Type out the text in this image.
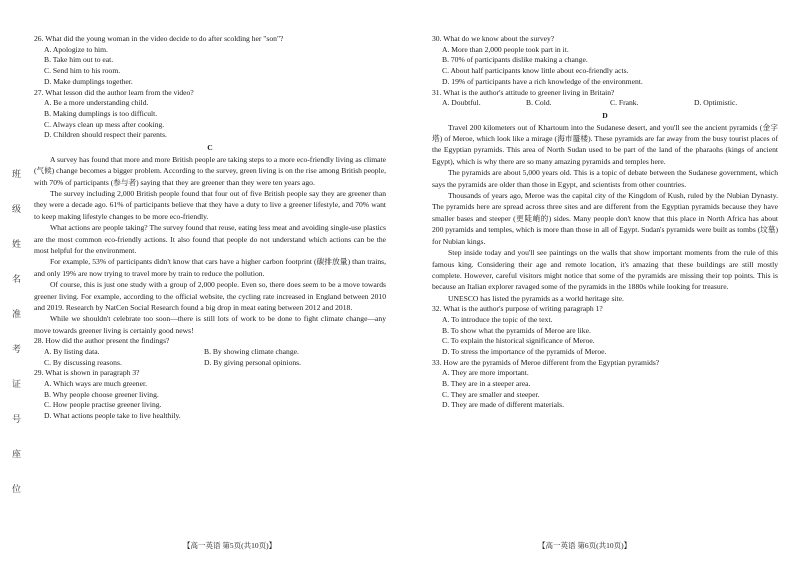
班
级
姓
名
准
考
证
号
座
位

26. What did the young woman in the video decide to do after scolding her "son"?

A. Apologize to him.

B. Take him out to eat.

C. Send him to his room.

D. Make dumplings together.

27. What lesson did the author learn from the video?

A. Be a more understanding child.

B. Making dumplings is too difficult.

C. Always clean up mess after cooking.

D. Children should respect their parents.

C

A survey has found that more and more British people are taking steps to a more eco-friendly living as climate (气候) change becomes a bigger problem. According to the survey, green living is on the rise among British people, with 70% of participants (参与者) saying that they are greener than they were ten years ago.

The survey including 2,000 British people found that four out of five British people say they are greener than they were a decade ago. 61% of participants believe that they have a duty to live a greener lifestyle, and 70% want to keep making lifestyle changes to be more eco-friendly.

What actions are people taking? The survey found that reuse, eating less meat and avoiding single-use plastics are the most common eco-friendly actions. It also found that people do not understand which actions can be the most helpful for the environment.

For example, 53% of participants didn't know that cars have a higher carbon footprint (碳排放量) than trains, and only 19% are now trying to travel more by train to reduce the pollution.

Of course, this is just one study with a group of 2,000 people. Even so, there does seem to be a move towards greener living. For example, according to the official website, the cycling rate increased in England between 2010 and 2019. Research by NatCen Social Research found a big drop in meat eating between 2012 and 2018.

While we shouldn't celebrate too soon—there is still lots of work to be done to fight climate change—any move towards greener living is certainly good news!

28. How did the author present the findings?

A. By listing data.	B. By showing climate change.
C. By discussing reasons.	D. By giving personal opinions.

29. What is shown in paragraph 3?

A. Which ways are much greener.

B. Why people choose greener living.

C. How people practise greener living.

D. What actions people take to live healthily.

30. What do we know about the survey?

A. More than 2,000 people took part in it.

B. 70% of participants dislike making a change.

C. About half participants know little about eco-friendly acts.

D. 19% of participants have a rich knowledge of the environment.

31. What is the author's attitude to greener living in Britain?

A. Doubtful.	B. Cold.	C. Frank.	D. Optimistic.

D

Travel 200 kilometers out of Khartoum into the Sudanese desert, and you'll see the ancient pyramids (金字塔) of Meroe, which look like a mirage (海市蜃楼). These pyramids are far away from the busy tourist places of the Egyptian pyramids. This area of North Sudan used to be part of the land of the pharaohs (kings of ancient Egypt), which is why there are so many amazing pyramids and temples here.

The pyramids are about 5,000 years old. This is a topic of debate between the Sudanese government, which says the pyramids are older than those in Egypt, and scientists from other countries.

Thousands of years ago, Meroe was the capital city of the Kingdom of Kush, ruled by the Nubian Dynasty. The pyramids here are spread across three sites and are different from the Egyptian pyramids because they have smaller bases and steeper (更陡峭的) sides. Many people don't know that this place in North Africa has about 200 pyramids and temples, which is more than those in all of Egypt. Sudan's pyramids were built as tombs (坟墓) for Nubian kings.

Step inside today and you'll see paintings on the walls that show important moments from the rule of this famous king. Considering their age and remote location, it's amazing that these buildings are still mostly complete. However, careful visitors might notice that some of the pyramids are missing their top points. This is because an Italian explorer ravaged some of the pyramids in the 1880s while looking for treasure.

UNESCO has listed the pyramids as a world heritage site.

32. What is the author's purpose of writing paragraph 1?

A. To introduce the topic of the text.

B. To show what the pyramids of Meroe are like.

C. To explain the historical significance of Meroe.

D. To stress the importance of the pyramids of Meroe.

33. How are the pyramids of Meroe different from the Egyptian pyramids?

A. They are more important.

B. They are in a steeper area.

C. They are smaller and steeper.

D. They are made of different materials.

【高一英语 第5页(共10页)】	【高一英语 第6页(共10页)】
